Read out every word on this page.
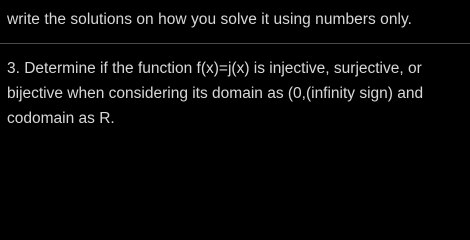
write the solutions on how you solve it using numbers only.
3. Determine if the function f(x)=j(x) is injective, surjective, or
bijective when considering its domain as (0,(infinity sign) and
codomain as R.
